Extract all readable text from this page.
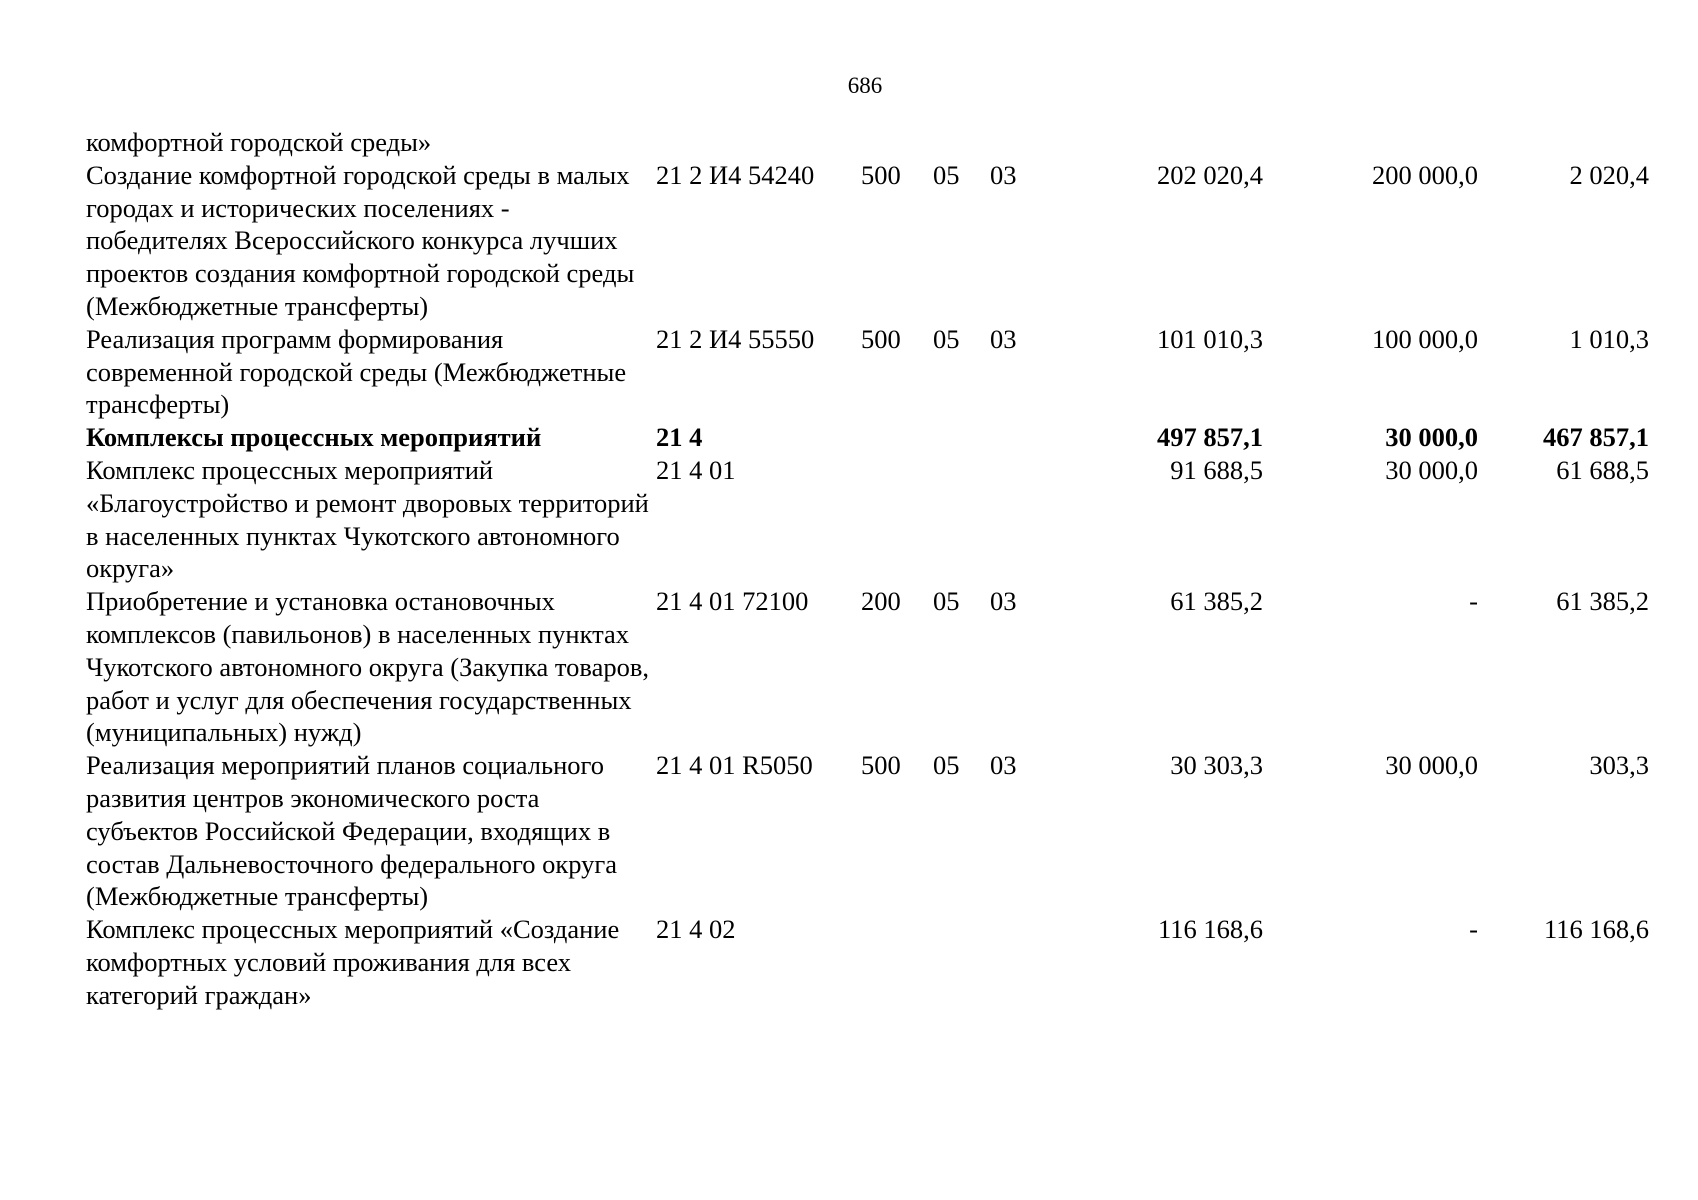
686
комфортной городской среды»							
Создание комфортной городской среды в малых городах и исторических поселениях - победителях Всероссийского конкурса лучших проектов создания комфортной городской среды (Межбюджетные трансферты)	21 2 И4 54240	500	05	03	202 020,4	200 000,0	2 020,4
Реализация программ формирования современной городской среды (Межбюджетные трансферты)	21 2 И4 55550	500	05	03	101 010,3	100 000,0	1 010,3
Комплексы процессных мероприятий	21 4				497 857,1	30 000,0	467 857,1
Комплекс процессных мероприятий «Благоустройство и ремонт дворовых территорий в населенных пунктах Чукотского автономного округа»	21 4 01				91 688,5	30 000,0	61 688,5
Приобретение и установка остановочных комплексов (павильонов) в населенных пунктах Чукотского автономного округа (Закупка товаров, работ и услуг для обеспечения государственных (муниципальных) нужд)	21 4 01 72100	200	05	03	61 385,2	-	61 385,2
Реализация мероприятий планов социального развития центров экономического роста субъектов Российской Федерации, входящих в состав Дальневосточного федерального округа (Межбюджетные трансферты)	21 4 01 R5050	500	05	03	30 303,3	30 000,0	303,3
Комплекс процессных мероприятий «Создание комфортных условий проживания для всех категорий граждан»	21 4 02				116 168,6	-	116 168,6
